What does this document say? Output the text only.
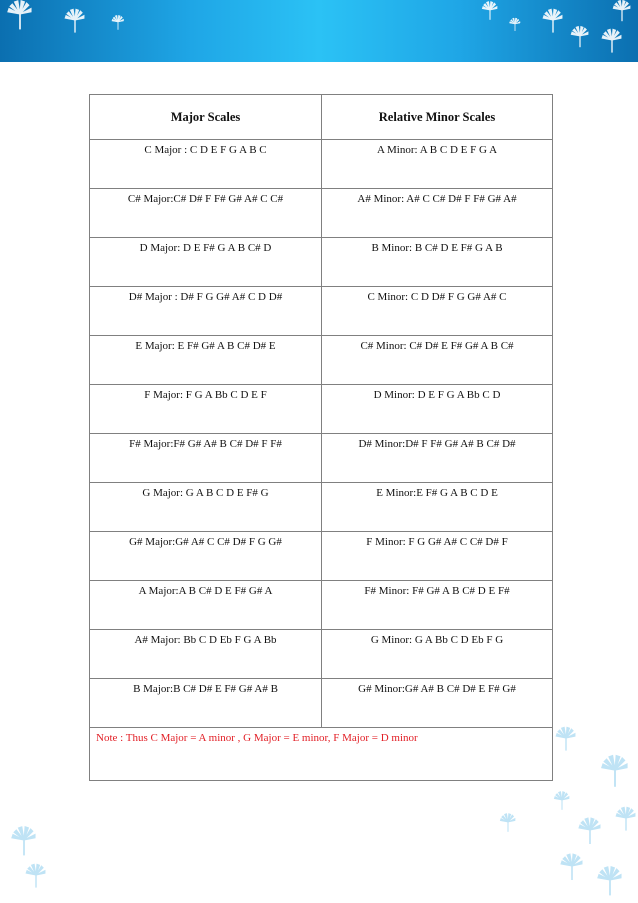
Major Scales	Relative Minor Scales
C Major : C D E F G A B C	A Minor: A B C D E F G A
C# Major:C# D# F F# G# A# C C#	A# Minor: A# C C# D# F F# G# A#
D Major: D E F# G A B C# D	B Minor: B C# D E F# G A B
D# Major : D# F G G# A# C D D#	C Minor: C D D# F G G# A# C
E Major: E F# G# A B C# D# E	C# Minor: C# D# E F# G# A B C#
F Major: F G A Bb C D E F	D Minor: D E F G A Bb C D
F# Major:F# G# A# B C# D# F F#	D# Minor:D# F F# G# A# B C# D#
G Major: G A B C D E F# G	E Minor:E F# G A B C D E
G# Major:G# A# C C# D# F G G#	F Minor: F G G# A# C C# D# F
A Major:A B C# D E F# G# A	F# Minor: F# G# A B C# D E F#
A# Major: Bb C D Eb F G A Bb	G Minor: G A Bb C D Eb F G
B Major:B C# D# E F# G# A# B	G# Minor:G# A# B C# D# E F# G#
Note : Thus C Major = A minor , G Major = E minor, F Major = D minor	
